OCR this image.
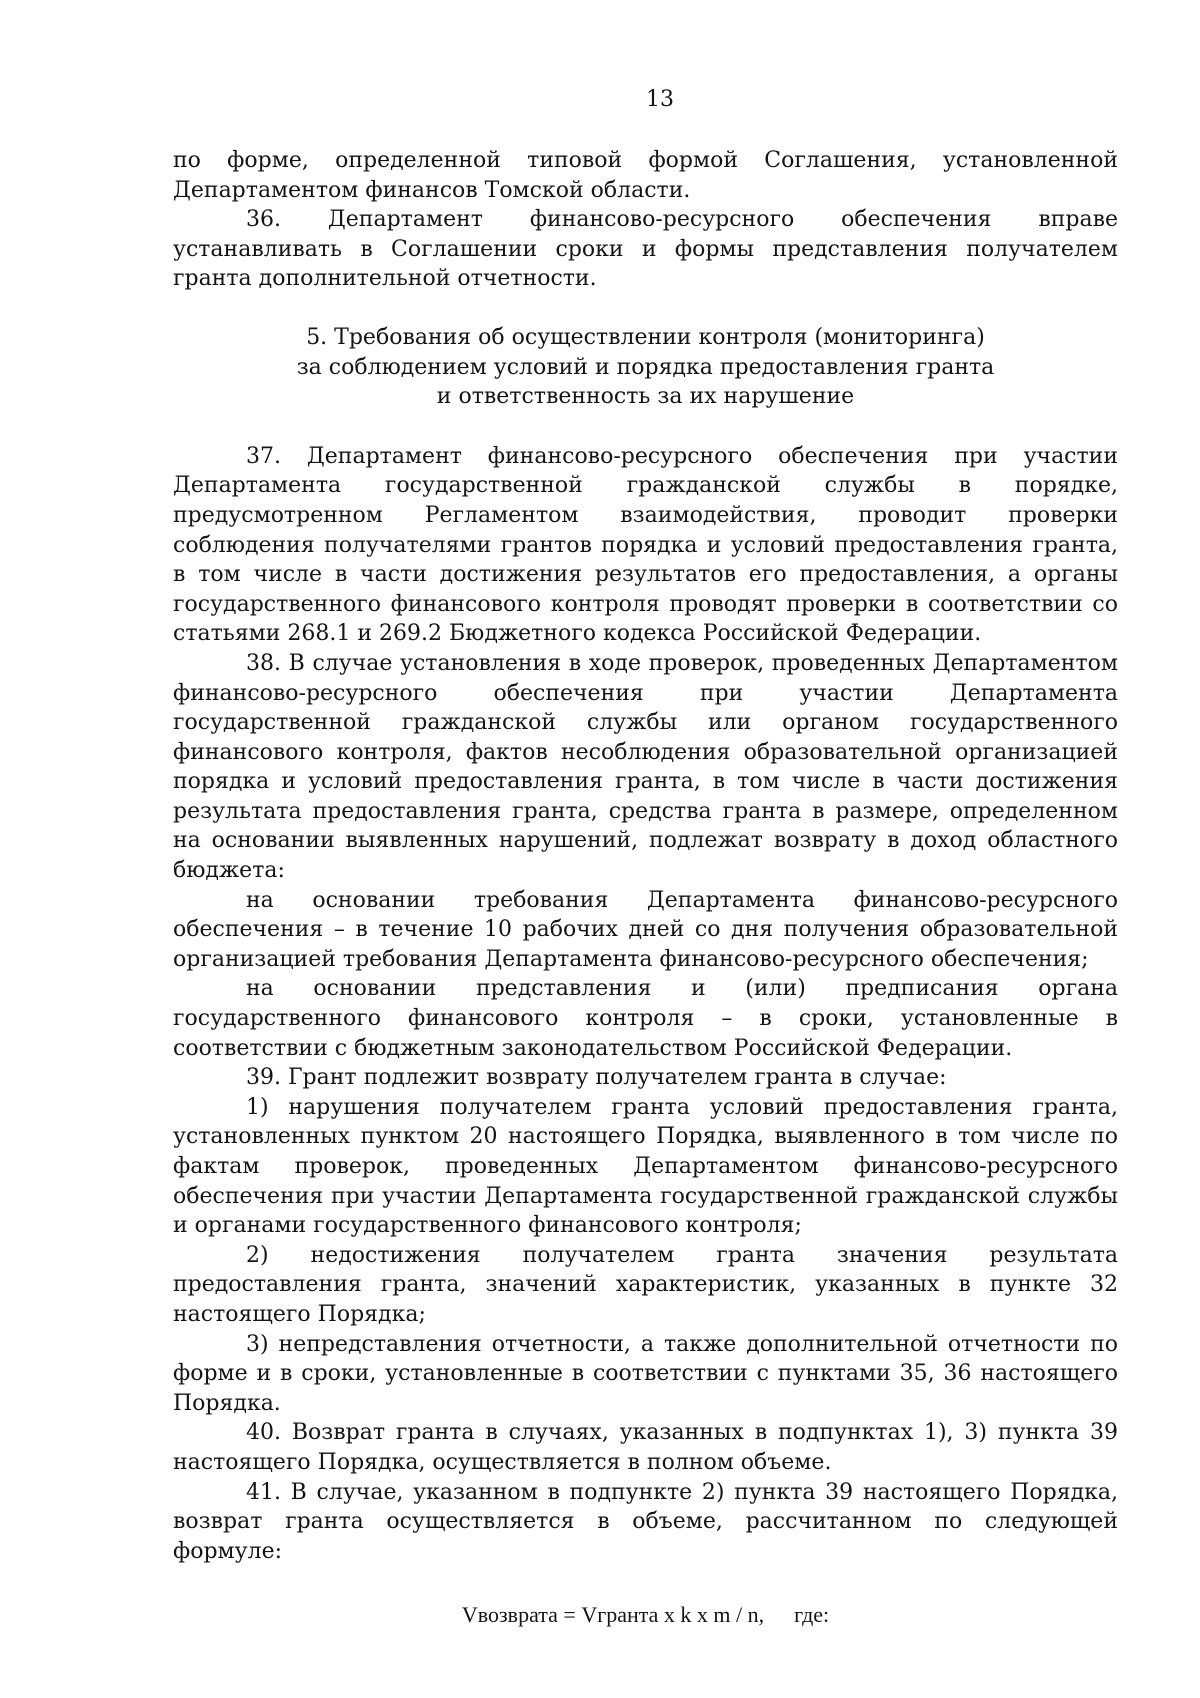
13

по форме, определенной типовой формой Соглашения, установленной Департаментом финансов Томской области.

36. Департамент финансово-ресурсного обеспечения вправе устанавливать в Соглашении сроки и формы представления получателем гранта дополнительной отчетности.

5. Требования об осуществлении контроля (мониторинга)
за соблюдением условий и порядка предоставления гранта
и ответственность за их нарушение

37. Департамент финансово-ресурсного обеспечения при участии Департамента государственной гражданской службы в порядке, предусмотренном Регламентом взаимодействия, проводит проверки соблюдения получателями грантов порядка и условий предоставления гранта, в том числе в части достижения результатов его предоставления, а органы государственного финансового контроля проводят проверки в соответствии со статьями 268.1 и 269.2 Бюджетного кодекса Российской Федерации.

38. В случае установления в ходе проверок, проведенных Департаментом финансово-ресурсного обеспечения при участии Департамента государственной гражданской службы или органом государственного финансового контроля, фактов несоблюдения образовательной организацией порядка и условий предоставления гранта, в том числе в части достижения результата предоставления гранта, средства гранта в размере, определенном на основании выявленных нарушений, подлежат возврату в доход областного бюджета:

на основании требования Департамента финансово-ресурсного обеспечения – в течение 10 рабочих дней со дня получения образовательной организацией требования Департамента финансово-ресурсного обеспечения;

на основании представления и (или) предписания органа государственного финансового контроля – в сроки, установленные в соответствии с бюджетным законодательством Российской Федерации.

39. Грант подлежит возврату получателем гранта в случае:

1) нарушения получателем гранта условий предоставления гранта, установленных пунктом 20 настоящего Порядка, выявленного в том числе по фактам проверок, проведенных Департаментом финансово-ресурсного обеспечения при участии Департамента государственной гражданской службы и органами государственного финансового контроля;

2) недостижения получателем гранта значения результата предоставления гранта, значений характеристик, указанных в пункте 32 настоящего Порядка;

3) непредставления отчетности, а также дополнительной отчетности по форме и в сроки, установленные в соответствии с пунктами 35, 36 настоящего Порядка.

40. Возврат гранта в случаях, указанных в подпунктах 1), 3) пункта 39 настоящего Порядка, осуществляется в полном объеме.

41. В случае, указанном в подпункте 2) пункта 39 настоящего Порядка, возврат гранта осуществляется в объеме, рассчитанном по следующей формуле:

Vвозврата = Vгранта x k x m / n, где:
